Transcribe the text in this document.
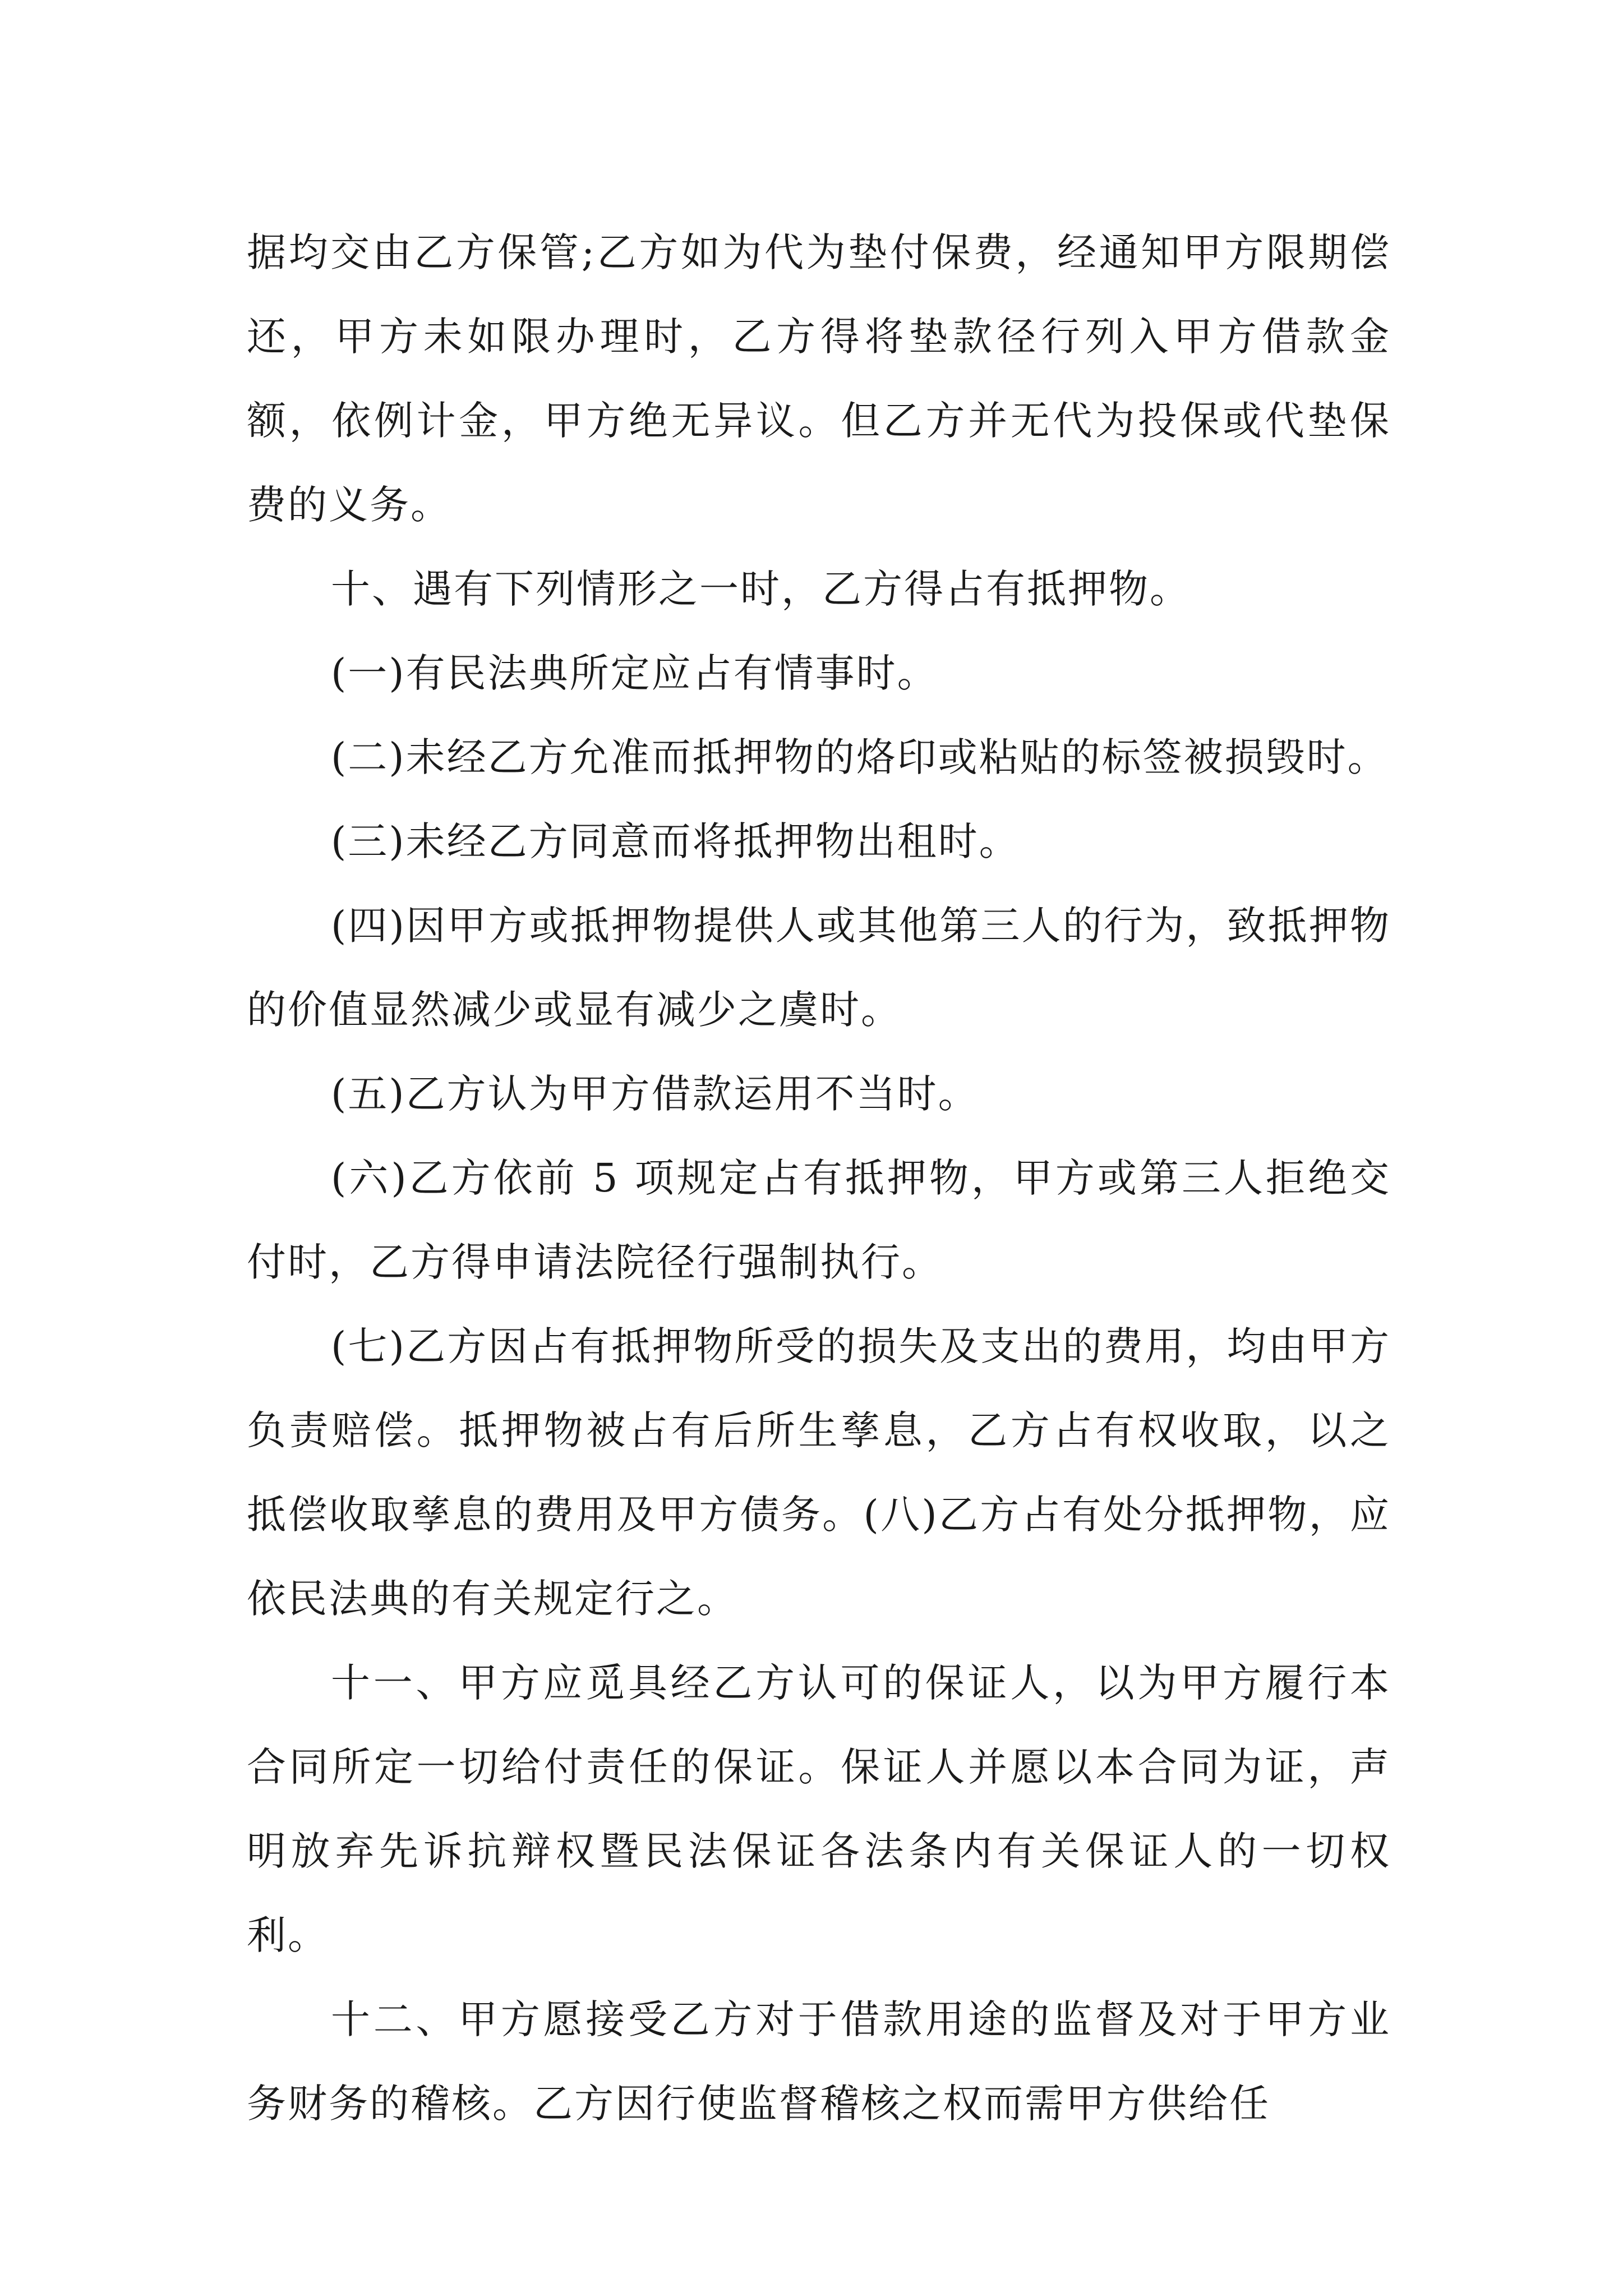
据均交由乙方保管;乙方如为代为垫付保费，经通知甲方限期偿还，甲方未如限办理时，乙方得将垫款径行列入甲方借款金额，依例计金，甲方绝无异议。但乙方并无代为投保或代垫保费的义务。

十、遇有下列情形之一时，乙方得占有抵押物。

(一)有民法典所定应占有情事时。

(二)未经乙方允准而抵押物的烙印或粘贴的标签被损毁时。

(三)未经乙方同意而将抵押物出租时。

(四)因甲方或抵押物提供人或其他第三人的行为，致抵押物的价值显然减少或显有减少之虞时。

(五)乙方认为甲方借款运用不当时。

(六)乙方依前 5 项规定占有抵押物，甲方或第三人拒绝交付时，乙方得申请法院径行强制执行。

(七)乙方因占有抵押物所受的损失及支出的费用，均由甲方负责赔偿。抵押物被占有后所生孳息，乙方占有权收取，以之抵偿收取孳息的费用及甲方债务。(八)乙方占有处分抵押物，应依民法典的有关规定行之。

十一、甲方应觅具经乙方认可的保证人，以为甲方履行本合同所定一切给付责任的保证。保证人并愿以本合同为证，声明放弃先诉抗辩权暨民法保证各法条内有关保证人的一切权利。

十二、甲方愿接受乙方对于借款用途的监督及对于甲方业务财务的稽核。乙方因行使监督稽核之权而需甲方供给任
